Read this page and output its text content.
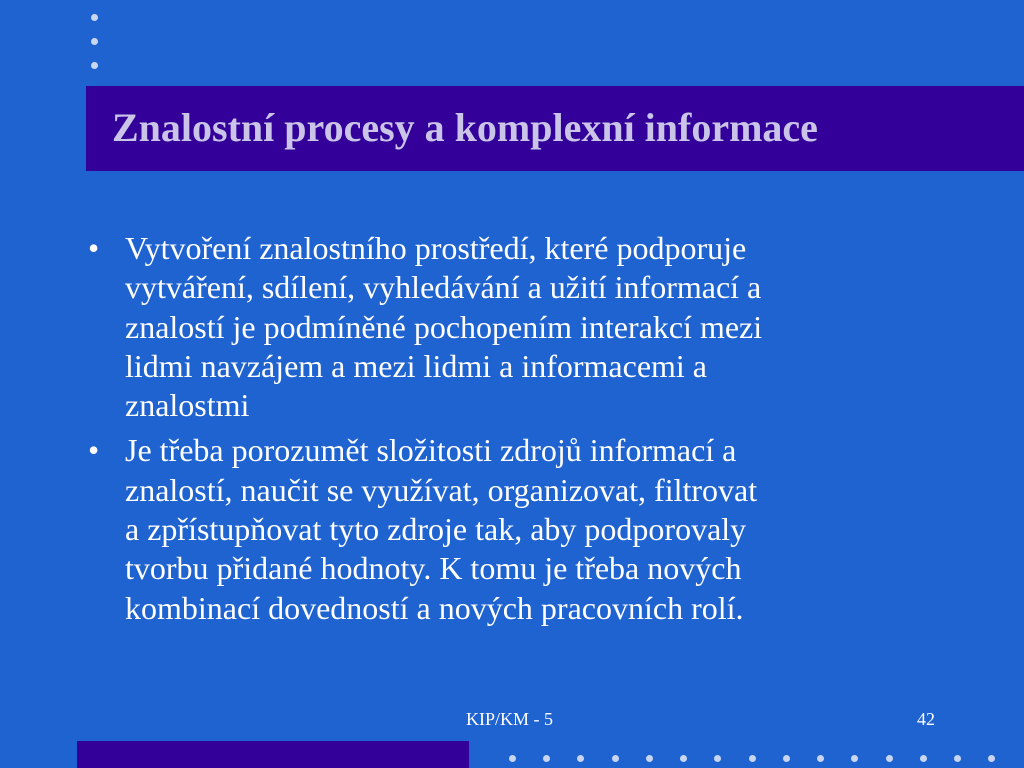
Znalostní procesy a komplexní informace
• Vytvoření znalostního prostředí, které podporuje
vytváření, sdílení, vyhledávání a užití informací a
znalostí je podmíněné pochopením interakcí mezi
lidmi navzájem a mezi lidmi a informacemi a
znalostmi
• Je třeba porozumět složitosti zdrojů informací a
znalostí, naučit se využívat, organizovat, filtrovat
a zpřístupňovat tyto zdroje tak, aby podporovaly
tvorbu přidané hodnoty. K tomu je třeba nových
kombinací dovedností a nových pracovních rolí.
KIP/KM - 5	42
